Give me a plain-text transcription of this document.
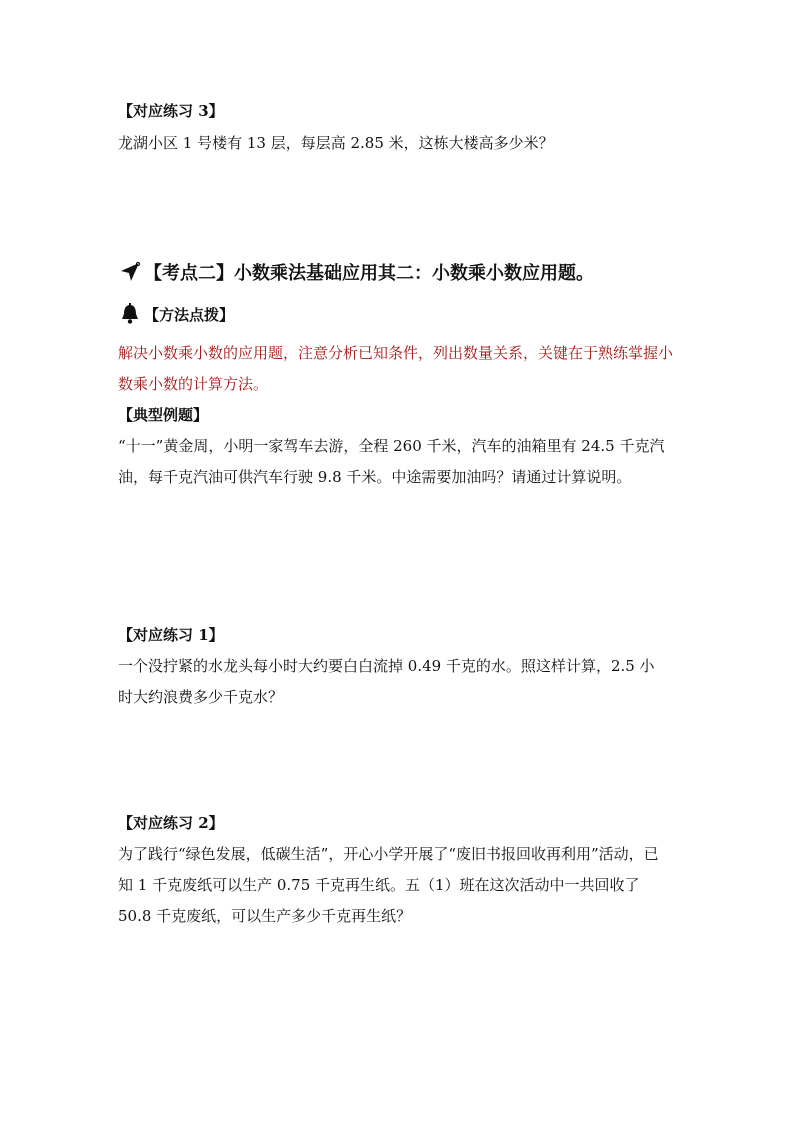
【对应练习 3】
龙湖小区 1 号楼有 13 层，每层高 2.85 米，这栋大楼高多少米？
【考点二】小数乘法基础应用其二：小数乘小数应用题。
【方法点拨】
解决小数乘小数的应用题，注意分析已知条件，列出数量关系，关键在于熟练掌握小数乘小数的计算方法。
【典型例题】
“十一”黄金周，小明一家驾车去游，全程 260 千米，汽车的油箱里有 24.5 千克汽油，每千克汽油可供汽车行驶 9.8 千米。中途需要加油吗？请通过计算说明。
【对应练习 1】
一个没拧紧的水龙头每小时大约要白白流掉 0.49 千克的水。照这样计算，2.5 小时大约浪费多少千克水？
【对应练习 2】
为了践行“绿色发展，低碳生活”，开心小学开展了“废旧书报回收再利用”活动，已知 1 千克废纸可以生产 0.75 千克再生纸。五（1）班在这次活动中一共回收了 50.8 千克废纸，可以生产多少千克再生纸？
